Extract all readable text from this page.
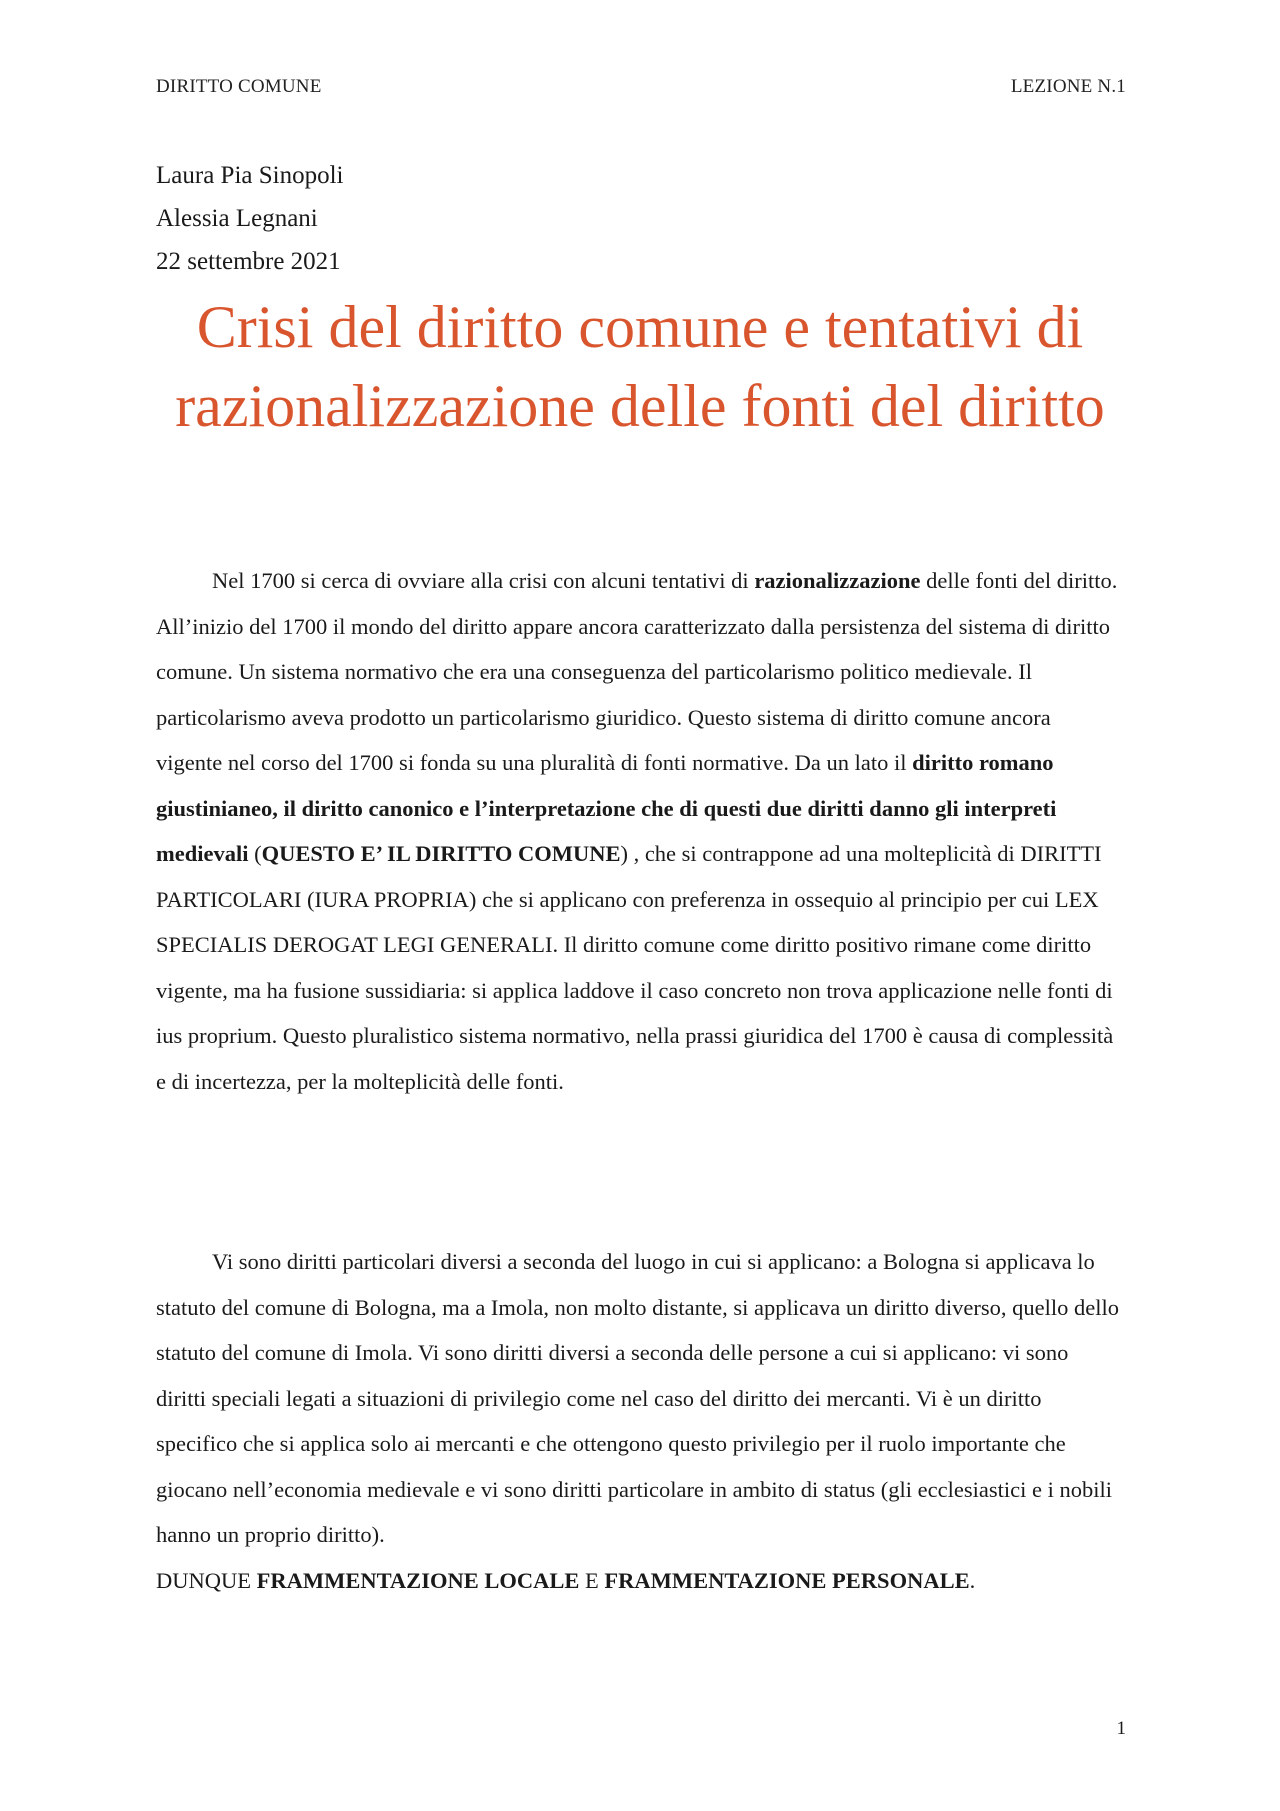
DIRITTO COMUNE	LEZIONE N.1
Laura Pia Sinopoli
Alessia Legnani
22 settembre 2021
Crisi del diritto comune e tentativi di razionalizzazione delle fonti del diritto

Nel 1700 si cerca di ovviare alla crisi con alcuni tentativi di razionalizzazione delle fonti del diritto. All’inizio del 1700 il mondo del diritto appare ancora caratterizzato dalla persistenza del sistema di diritto comune. Un sistema normativo che era una conseguenza del particolarismo politico medievale. Il particolarismo aveva prodotto un particolarismo giuridico. Questo sistema di diritto comune ancora vigente nel corso del 1700 si fonda su una pluralità di fonti normative. Da un lato il diritto romano giustinianeo, il diritto canonico e l’interpretazione che di questi due diritti danno gli interpreti medievali (QUESTO E’ IL DIRITTO COMUNE) , che si contrappone ad una molteplicità di DIRITTI PARTICOLARI (IURA PROPRIA) che si applicano con preferenza in ossequio al principio per cui LEX SPECIALIS DEROGAT LEGI GENERALI. Il diritto comune come diritto positivo rimane come diritto vigente, ma ha fusione sussidiaria: si applica laddove il caso concreto non trova applicazione nelle fonti di ius proprium. Questo pluralistico sistema normativo, nella prassi giuridica del 1700 è causa di complessità e di incertezza, per la molteplicità delle fonti.

Vi sono diritti particolari diversi a seconda del luogo in cui si applicano: a Bologna si applicava lo statuto del comune di Bologna, ma a Imola, non molto distante, si applicava un diritto diverso, quello dello statuto del comune di Imola. Vi sono diritti diversi a seconda delle persone a cui si applicano: vi sono diritti speciali legati a situazioni di privilegio come nel caso del diritto dei mercanti. Vi è un diritto specifico che si applica solo ai mercanti e che ottengono questo privilegio per il ruolo importante che giocano nell’economia medievale e vi sono diritti particolare in ambito di status (gli ecclesiastici e i nobili hanno un proprio diritto).

DUNQUE FRAMMENTAZIONE LOCALE E FRAMMENTAZIONE PERSONALE.

1
